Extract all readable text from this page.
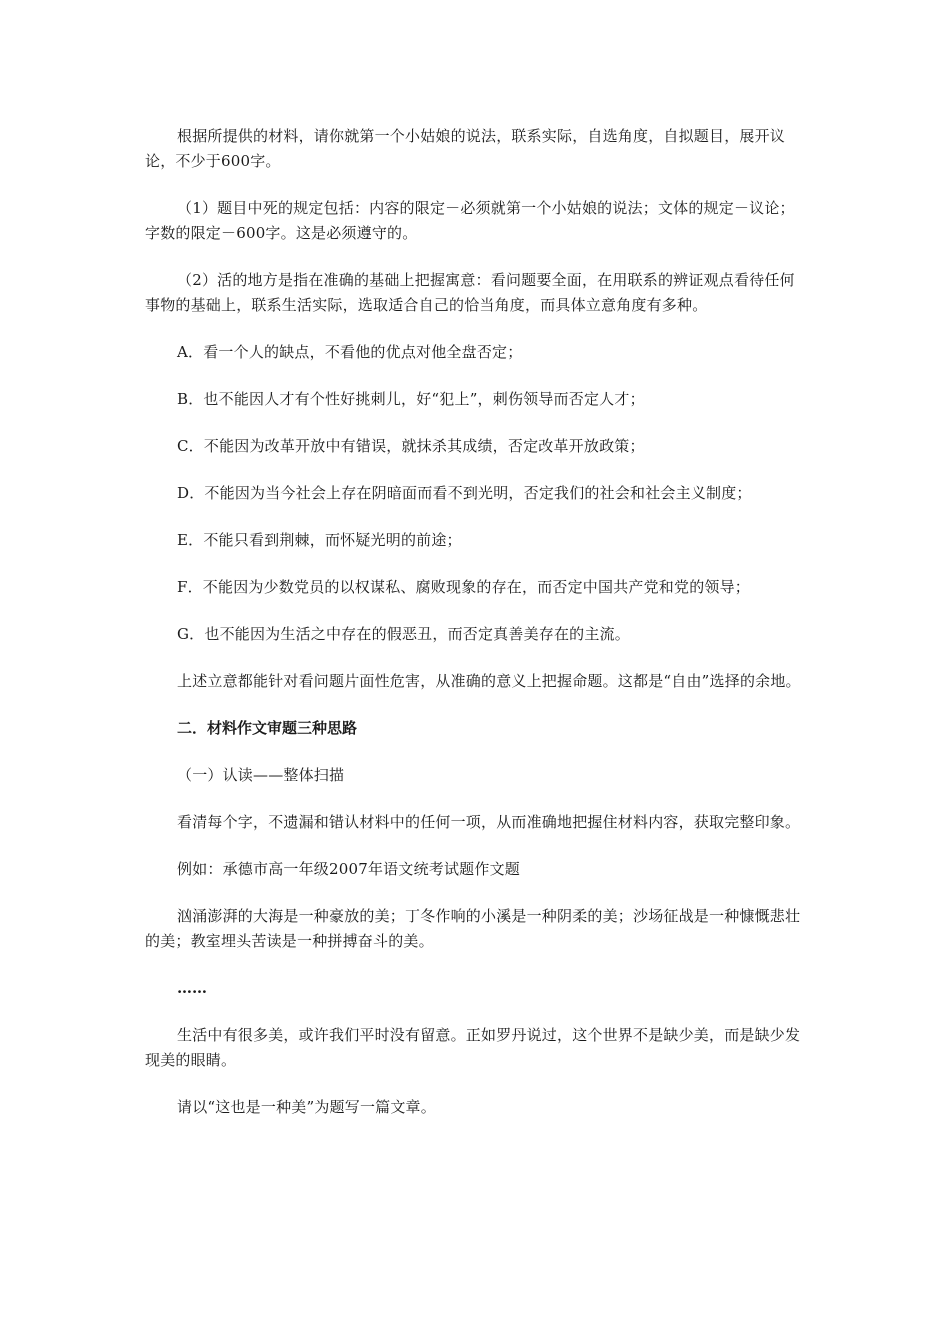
根据所提供的材料，请你就第一个小姑娘的说法，联系实际，自选角度，自拟题目，展开议论，不少于600字。

（1）题目中死的规定包括：内容的限定－必须就第一个小姑娘的说法；文体的规定－议论；字数的限定－600字。这是必须遵守的。

（2）活的地方是指在准确的基础上把握寓意：看问题要全面，在用联系的辨证观点看待任何事物的基础上，联系生活实际，选取适合自己的恰当角度，而具体立意角度有多种。

A．看一个人的缺点，不看他的优点对他全盘否定；

B．也不能因人才有个性好挑刺儿，好“犯上”，刺伤领导而否定人才；

C．不能因为改革开放中有错误，就抹杀其成绩，否定改革开放政策；

D．不能因为当今社会上存在阴暗面而看不到光明，否定我们的社会和社会主义制度；

E．不能只看到荆棘，而怀疑光明的前途；

F．不能因为少数党员的以权谋私、腐败现象的存在，而否定中国共产党和党的领导；

G．也不能因为生活之中存在的假恶丑，而否定真善美存在的主流。

上述立意都能针对看问题片面性危害，从准确的意义上把握命题。这都是“自由”选择的余地。

二．材料作文审题三种思路

（一）认读——整体扫描

看清每个字，不遗漏和错认材料中的任何一项，从而准确地把握住材料内容，获取完整印象。

例如：承德市高一年级2007年语文统考试题作文题

汹涌澎湃的大海是一种豪放的美；丁冬作响的小溪是一种阴柔的美；沙场征战是一种慷慨悲壮的美；教室埋头苦读是一种拼搏奋斗的美。

……

生活中有很多美，或许我们平时没有留意。正如罗丹说过，这个世界不是缺少美，而是缺少发现美的眼睛。

请以“这也是一种美”为题写一篇文章。
